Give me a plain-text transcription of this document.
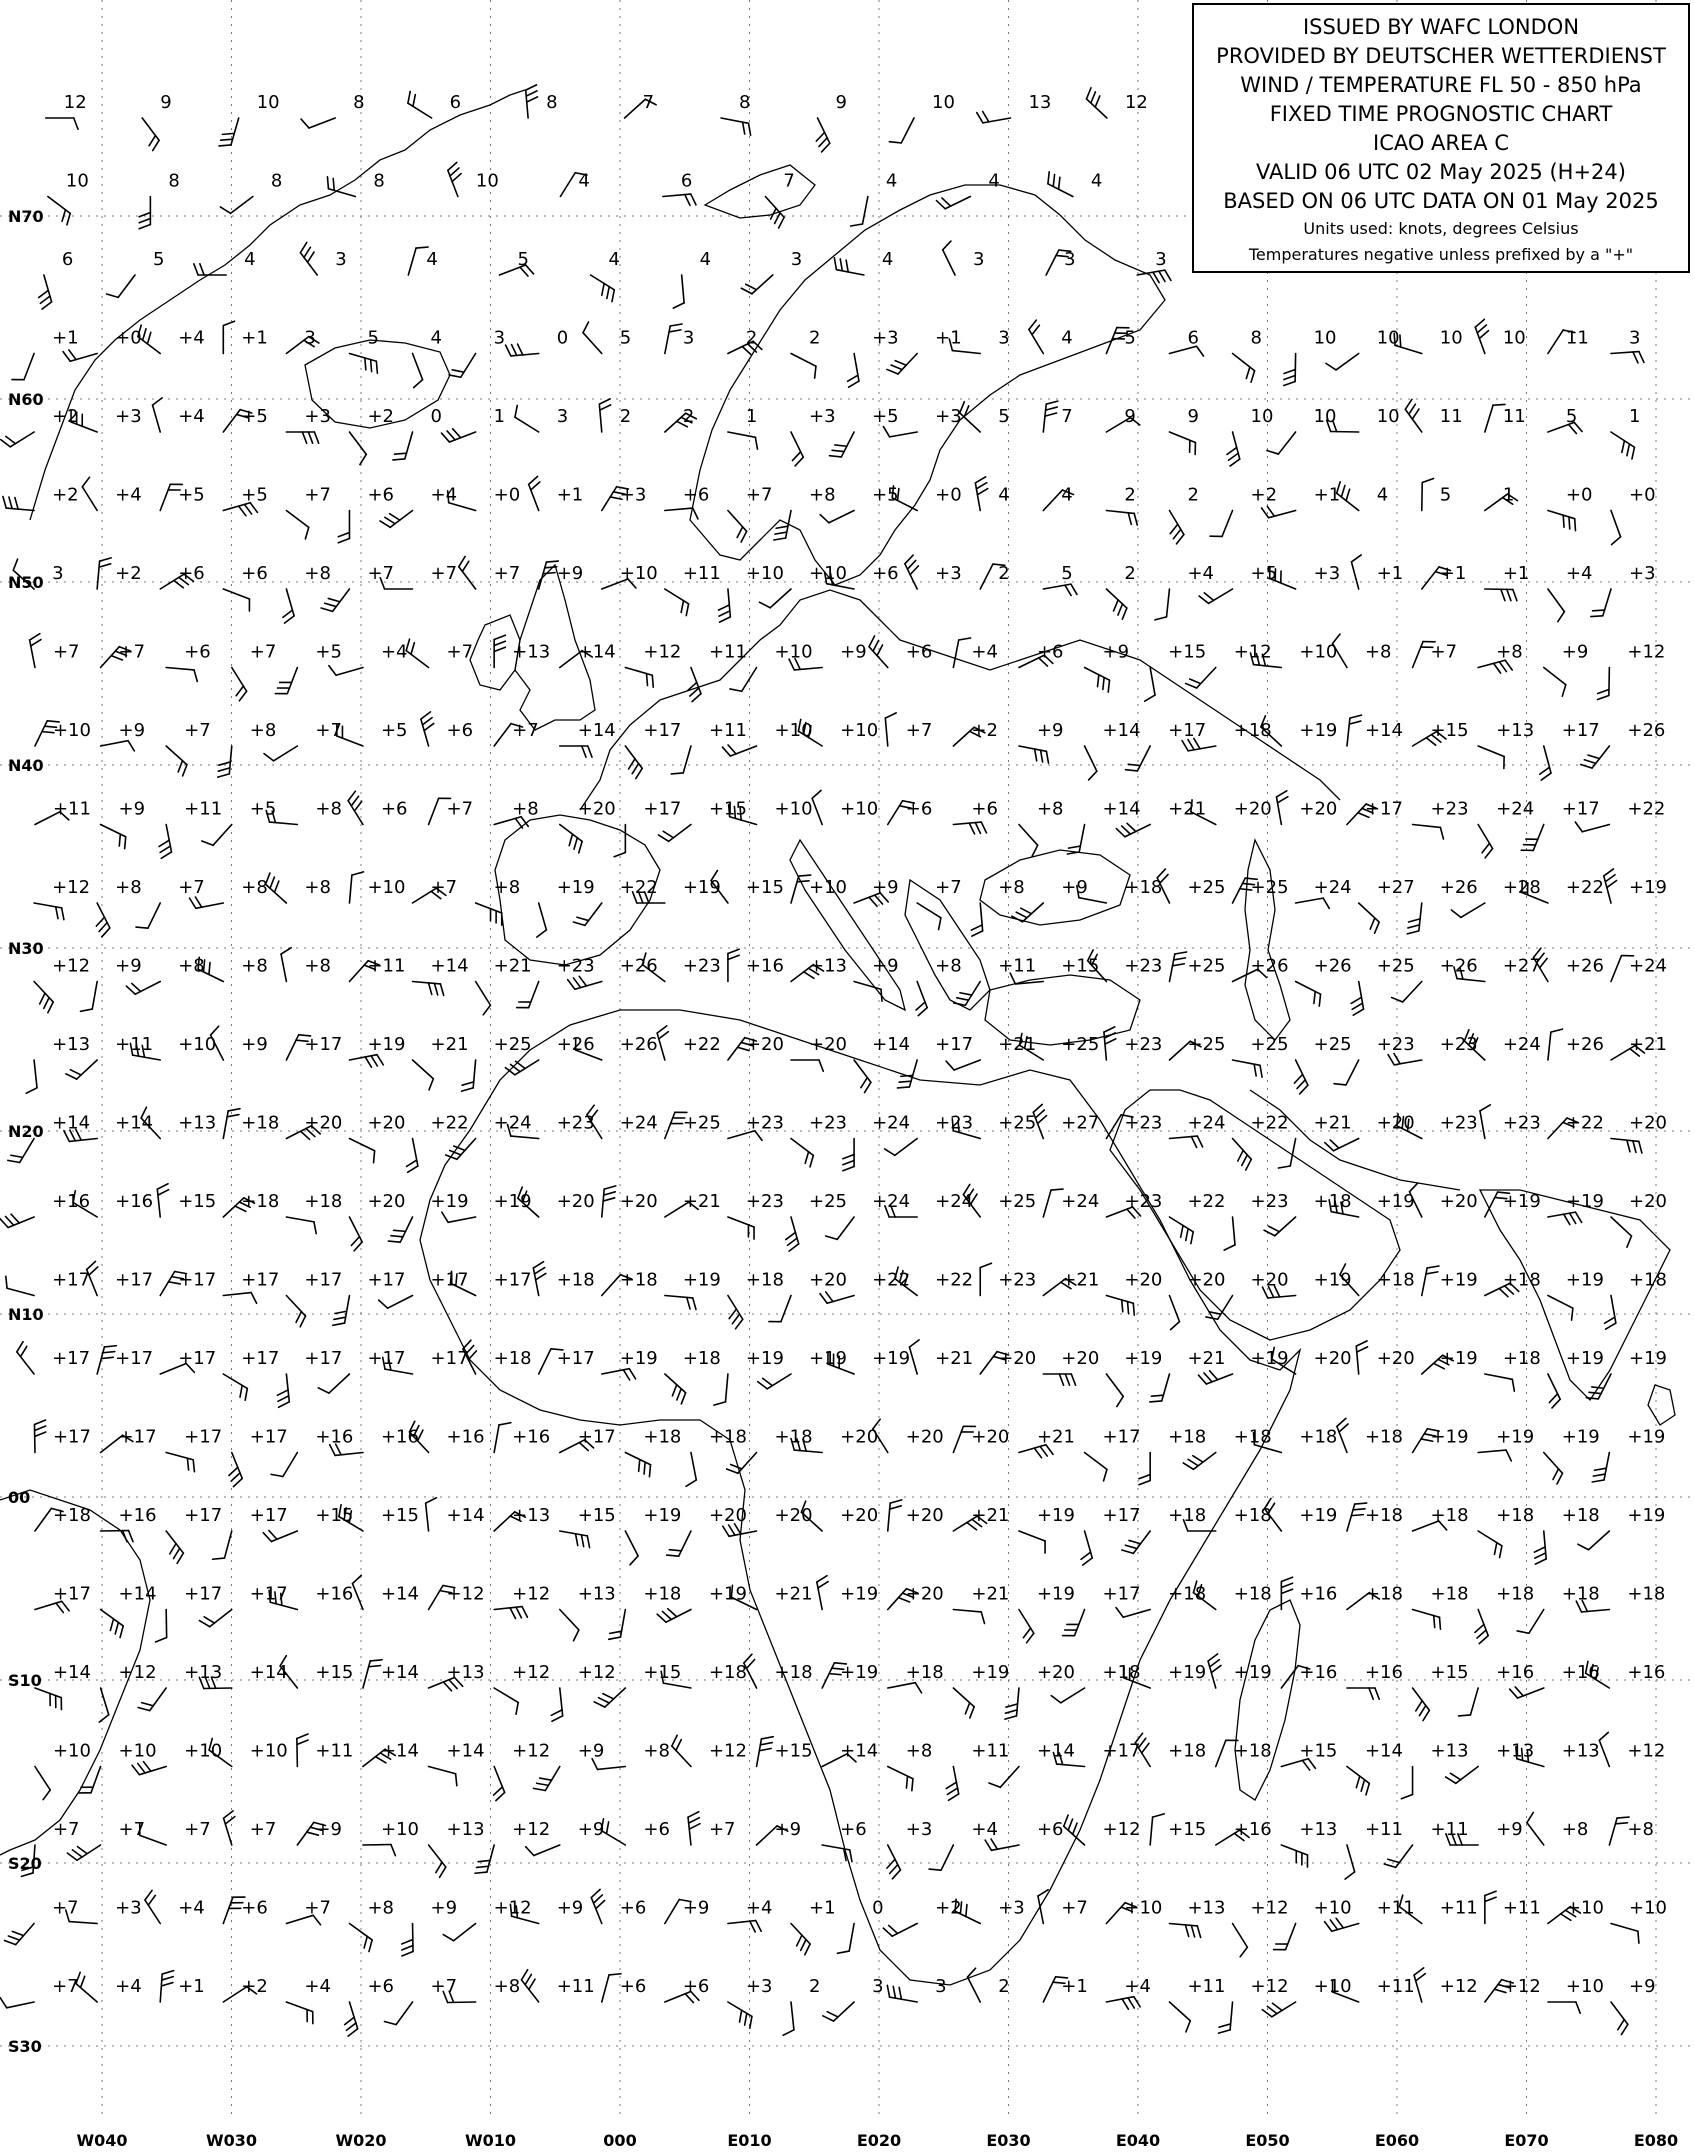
12	9	10	8	6	8	7	8	9	10	13	12
10	8	8	8	10	4	6	7	4	4	4
6	5	4	3	4	5	4	4	3	4	3	3	3
+1 +0 +4 +1 3	5	4	3	0	5	3	2	2	+3 +1 3	4	5	6	8	10 10 10 10 11 3
+2 +3 +4 +5 +3 +2 0	1	3	2	2	1	+3 +5 +3 5	7	9	9	10 10 10 11 11 5	1
+2 +4 +5 +5 +7 +6 +4 +0 +1 +3 +6 +7 +8 +5 +0 4	4	2	2	+2 +1 4	5	1	+0 +0
3	+2 +6 +6 +8 +7 +7 +7 +9 +10 +11 +10 +10 +6 +3 2	5	2	+4 +5 +3 +1 +1 +1 +4 +3
+7 +7 +6 +7 +5 +4 +7 +13 +14 +12 +11 +10 +9 +6 +4 +6 +9 +15 +12 +10 +8 +7 +8 +9 +12
+10 +9 +7 +8 +7 +5 +6 +7 +14 +17 +11 +10 +10 +7 +2 +9 +14 +17 +18 +19 +14 +15 +13 +17 +26
+11 +9 +11 +5 +8 +6 +7 +8 +20 +17 +15 +10 +10 +6 +6 +8 +14 +21 +20 +20 +17 +23 +24 +17 +22
+12 +8 +7 +8 +8 +10 +7 +8 +19 +22 +19 +15 +10 +9 +7 +8 +9 +18 +25 +25 +24 +27 +26 +28 +22 +19
+12 +9 +8 +8 +8 +11 +14 +21 +23 +26 +23 +16 +13 +9 +8 +11 +15 +23 +25 +26 +26 +25 +26 +27 +26 +24
+13 +11 +10 +9 +17 +19 +21 +25 +26 +26 +22 +20 +20 +14 +17 +21 +25 +23 +25 +25 +25 +23 +23 +24 +26 +21
+14 +14 +13 +18 +20 +20 +22 +24 +23 +24 +25 +23 +23 +24 +23 +25 +27 +23 +24 +22 +21 +20 +23 +23 +22 +20
+16 +16 +15 +18 +18 +20 +19 +19 +20 +20 +21 +23 +25 +24 +24 +25 +24 +23 +22 +23 +18 +19 +20 +19 +19 +20
+17 +17 +17 +17 +17 +17 +17 +17 +18 +18 +19 +18 +20 +22 +22 +23 +21 +20 +20 +20 +19 +18 +19 +18 +19 +18
+17 +17 +17 +17 +17 +17 +17 +18 +17 +19 +18 +19 +19 +19 +21 +20 +20 +19 +21 +19 +20 +20 +19 +18 +19 +19
+17 +17 +17 +17 +16 +16 +16 +16 +17 +18 +18 +18 +20 +20 +20 +21 +17 +18 +18 +18 +18 +19 +19 +19 +19
+18 +16 +17 +17 +15 +15 +14 +13 +15 +19 +20 +20 +20 +20 +21 +19 +17 +18 +18 +19 +18 +18 +18 +18 +19
+17 +14 +17 +17 +16 +14 +12 +12 +13 +18 +19 +21 +19 +20 +21 +19 +17 +18 +18 +16 +18 +18 +18 +18 +18
+14 +12 +13 +14 +15 +14 +13 +12 +12 +15 +18 +18 +19 +18 +19 +20 +18 +19 +19 +16 +16 +15 +16 +16 +16
+10 +10 +10 +10 +11 +14 +14 +12 +9 +8 +12 +15 +14 +8 +11 +14 +17 +18 +18 +15 +14 +13 +13 +13 +12
+7 +7 +7 +7 +9 +10 +13 +12 +9 +6 +7 +9 +6 +3 +4 +6 +12 +15 +16 +13 +11 +11 +9 +8 +8
+7 +3 +4 +6 +7 +8 +9 +12 +9 +6 +9 +4 +1 0	+2 +3 +7 +10 +13 +12 +10 +11 +11 +11 +10 +10
+7 +4 +1 +2 +4 +6 +7 +8 +11 +6 +6 +3 2	3	3	2	+1 +4 +11 +12 +10 +11 +12 +12 +10 +9
W040	W030	W020	W010	000	E010	E020	E030	E040	E050	E060	E070	E080
N70
N60
N50
N40
N30
N20
N10
00
S10
S20
S30
ISSUED BY WAFC LONDON
PROVIDED BY DEUTSCHER WETTERDIENST
WIND / TEMPERATURE FL 50 - 850 hPa
FIXED TIME PROGNOSTIC CHART
ICAO AREA C
VALID 06 UTC 02 May 2025 (H+24)
BASED ON 06 UTC DATA ON 01 May 2025
Units used: knots, degrees Celsius
Temperatures negative unless prefixed by a "+"
